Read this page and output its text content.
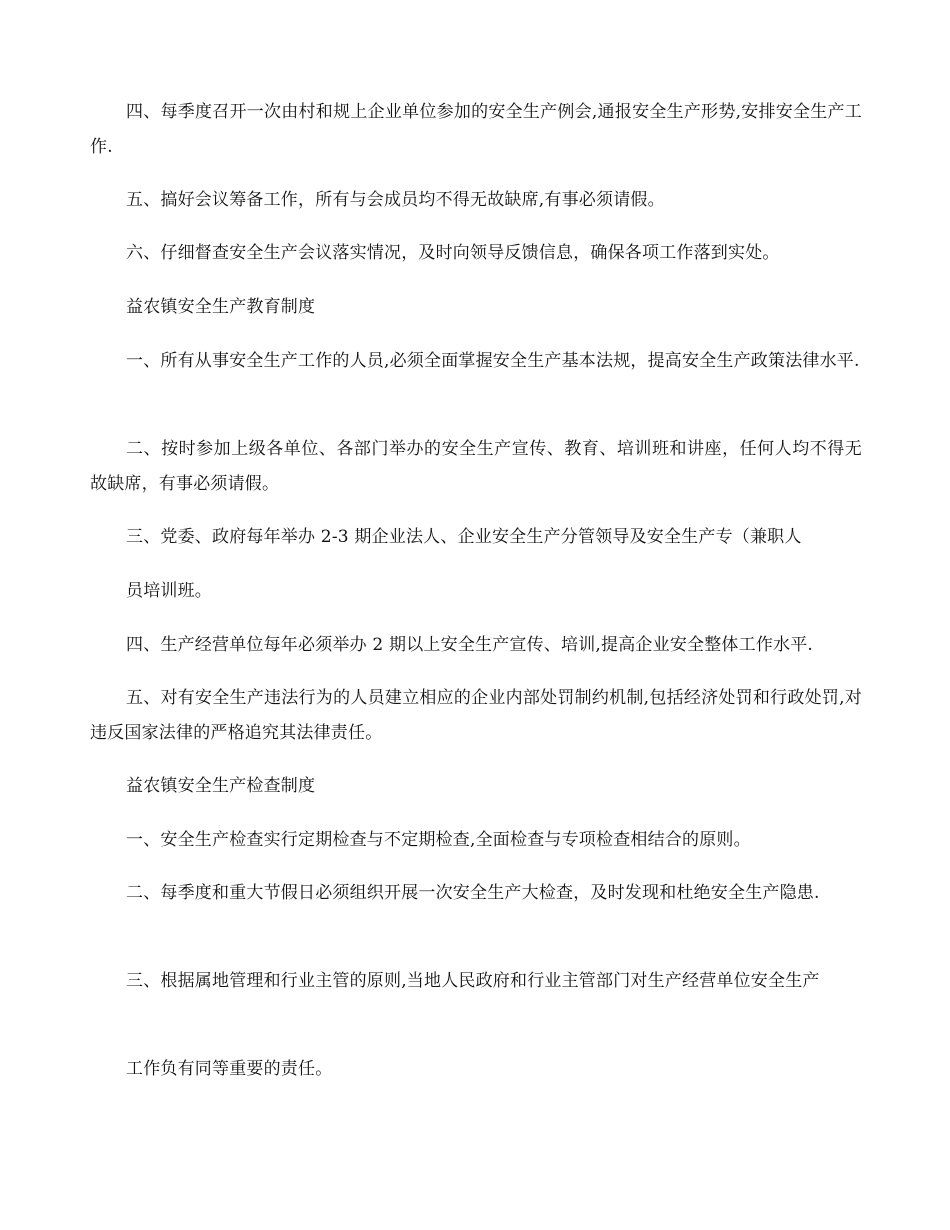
四、每季度召开一次由村和规上企业单位参加的安全生产例会,通报安全生产形势,安排安全生产工作.

五、搞好会议筹备工作，所有与会成员均不得无故缺席,有事必须请假。

六、仔细督查安全生产会议落实情况，及时向领导反馈信息，确保各项工作落到实处。

益农镇安全生产教育制度

一、所有从事安全生产工作的人员,必须全面掌握安全生产基本法规，提高安全生产政策法律水平.

二、按时参加上级各单位、各部门举办的安全生产宣传、教育、培训班和讲座，任何人均不得无故缺席，有事必须请假。

三、党委、政府每年举办 2-3 期企业法人、企业安全生产分管领导及安全生产专（兼职人

员培训班。

四、生产经营单位每年必须举办 2 期以上安全生产宣传、培训,提高企业安全整体工作水平.

五、对有安全生产违法行为的人员建立相应的企业内部处罚制约机制,包括经济处罚和行政处罚,对违反国家法律的严格追究其法律责任。

益农镇安全生产检查制度

一、安全生产检查实行定期检查与不定期检查,全面检查与专项检查相结合的原则。

二、每季度和重大节假日必须组织开展一次安全生产大检查，及时发现和杜绝安全生产隐患.

三、根据属地管理和行业主管的原则,当地人民政府和行业主管部门对生产经营单位安全生产

工作负有同等重要的责任。
